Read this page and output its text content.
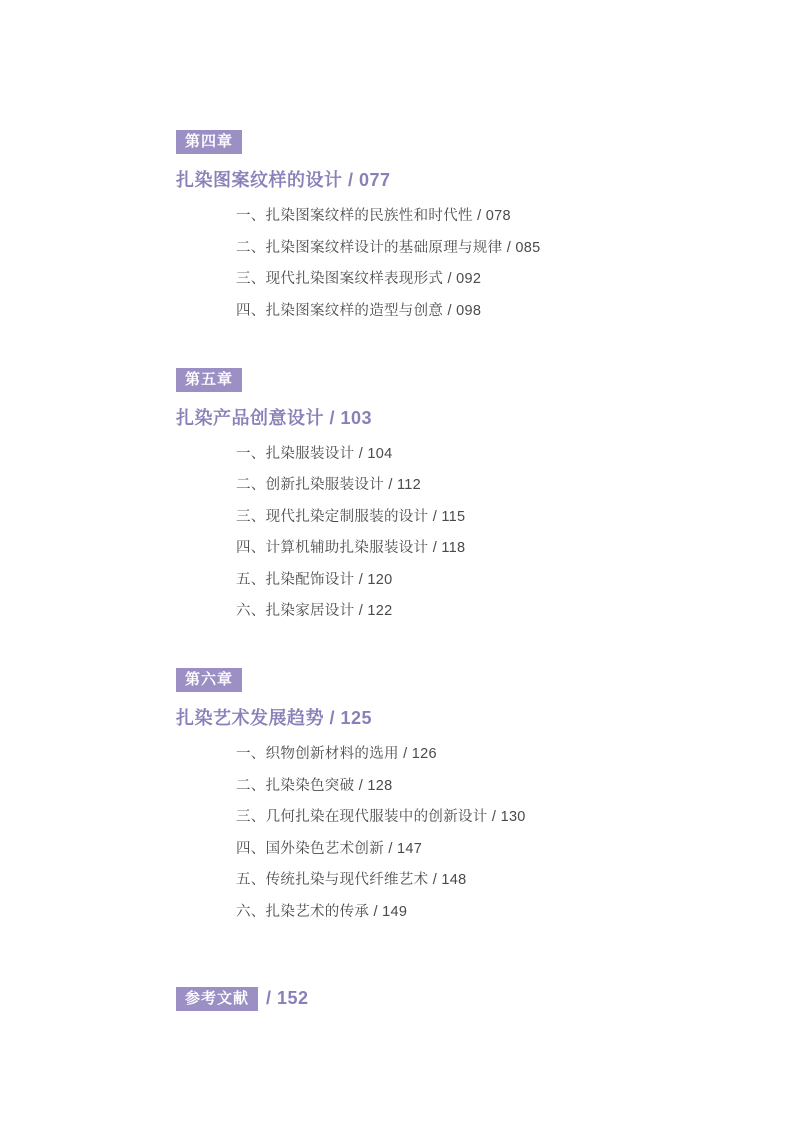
第四章
扎染图案纹样的设计 / 077
一、扎染图案纹样的民族性和时代性 / 078
二、扎染图案纹样设计的基础原理与规律 / 085
三、现代扎染图案纹样表现形式 / 092
四、扎染图案纹样的造型与创意 / 098
第五章
扎染产品创意设计 / 103
一、扎染服装设计 / 104
二、创新扎染服装设计 / 112
三、现代扎染定制服装的设计 / 115
四、计算机辅助扎染服装设计 / 118
五、扎染配饰设计 / 120
六、扎染家居设计 / 122
第六章
扎染艺术发展趋势 / 125
一、织物创新材料的选用 / 126
二、扎染染色突破 / 128
三、几何扎染在现代服装中的创新设计 / 130
四、国外染色艺术创新 / 147
五、传统扎染与现代纤维艺术 / 148
六、扎染艺术的传承 / 149
参考文献 / 152
